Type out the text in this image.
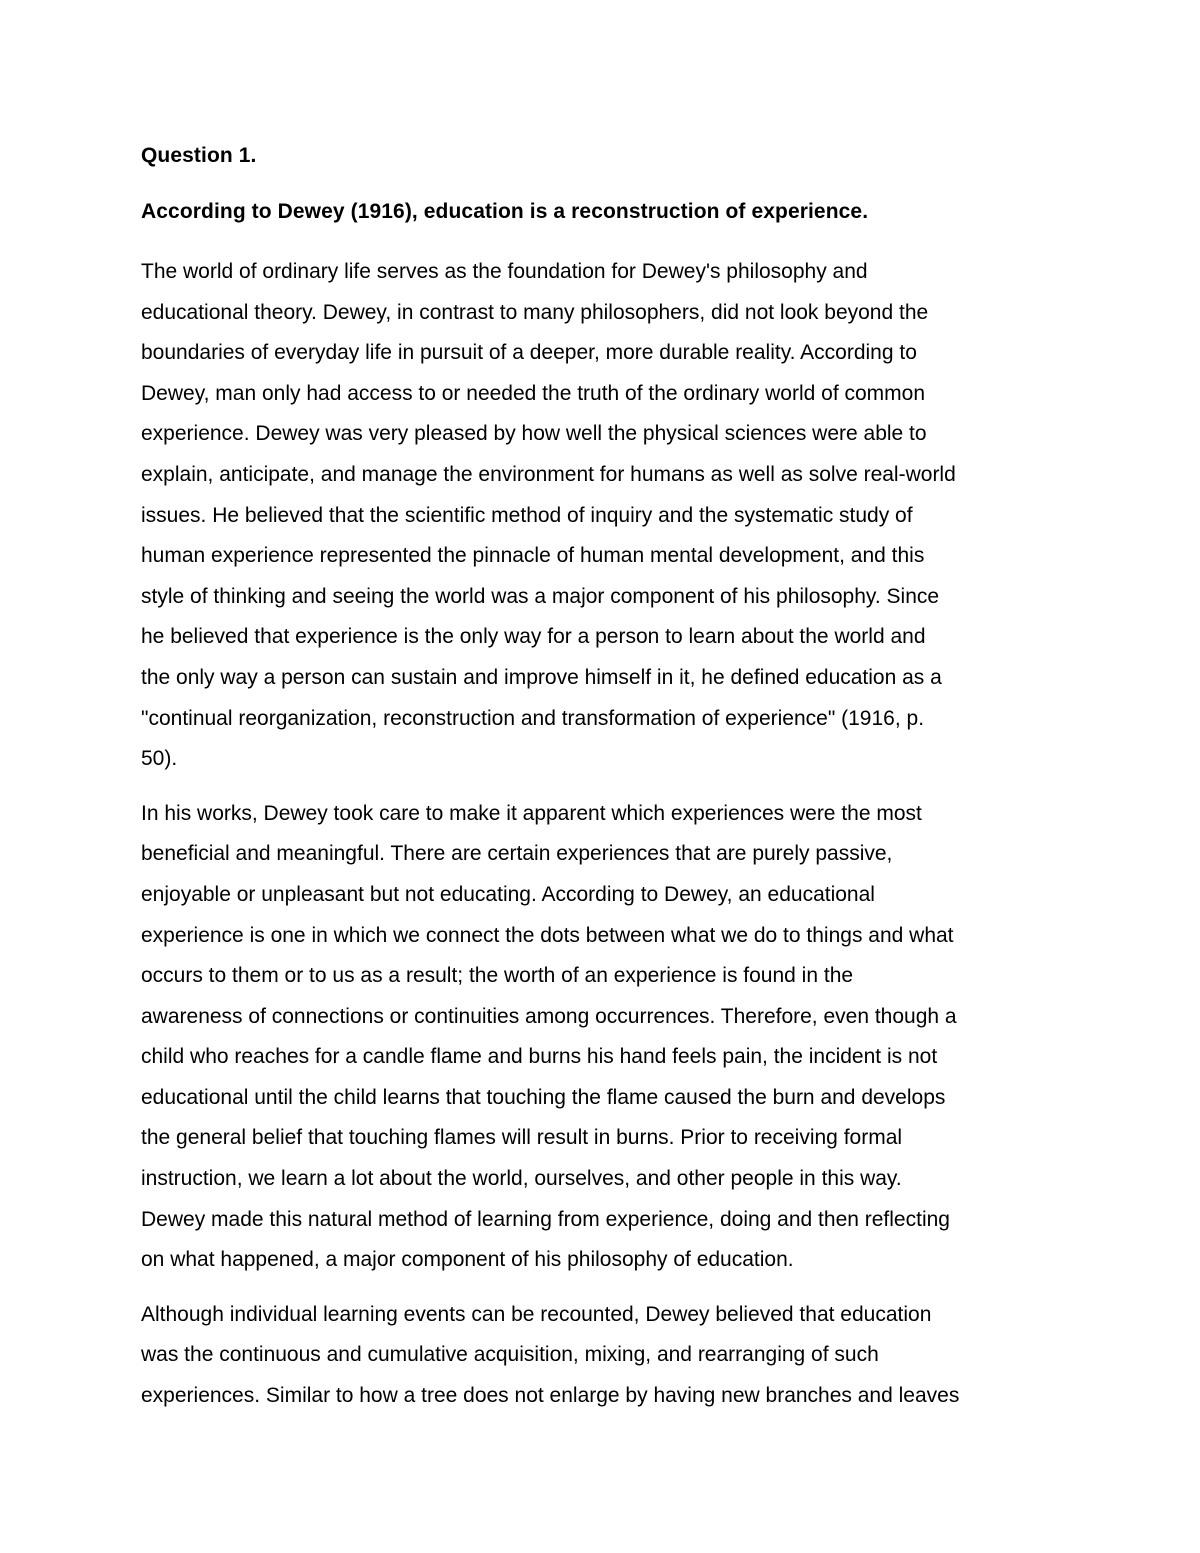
Question 1.
According to Dewey (1916), education is a reconstruction of experience.

The world of ordinary life serves as the foundation for Dewey's philosophy and
educational theory. Dewey, in contrast to many philosophers, did not look beyond the
boundaries of everyday life in pursuit of a deeper, more durable reality. According to
Dewey, man only had access to or needed the truth of the ordinary world of common
experience. Dewey was very pleased by how well the physical sciences were able to
explain, anticipate, and manage the environment for humans as well as solve real-world
issues. He believed that the scientific method of inquiry and the systematic study of
human experience represented the pinnacle of human mental development, and this
style of thinking and seeing the world was a major component of his philosophy. Since
he believed that experience is the only way for a person to learn about the world and
the only way a person can sustain and improve himself in it, he defined education as a
"continual reorganization, reconstruction and transformation of experience" (1916, p.
50).

In his works, Dewey took care to make it apparent which experiences were the most
beneficial and meaningful. There are certain experiences that are purely passive,
enjoyable or unpleasant but not educating. According to Dewey, an educational
experience is one in which we connect the dots between what we do to things and what
occurs to them or to us as a result; the worth of an experience is found in the
awareness of connections or continuities among occurrences. Therefore, even though a
child who reaches for a candle flame and burns his hand feels pain, the incident is not
educational until the child learns that touching the flame caused the burn and develops
the general belief that touching flames will result in burns. Prior to receiving formal
instruction, we learn a lot about the world, ourselves, and other people in this way.
Dewey made this natural method of learning from experience, doing and then reflecting
on what happened, a major component of his philosophy of education.

Although individual learning events can be recounted, Dewey believed that education
was the continuous and cumulative acquisition, mixing, and rearranging of such
experiences. Similar to how a tree does not enlarge by having new branches and leaves
